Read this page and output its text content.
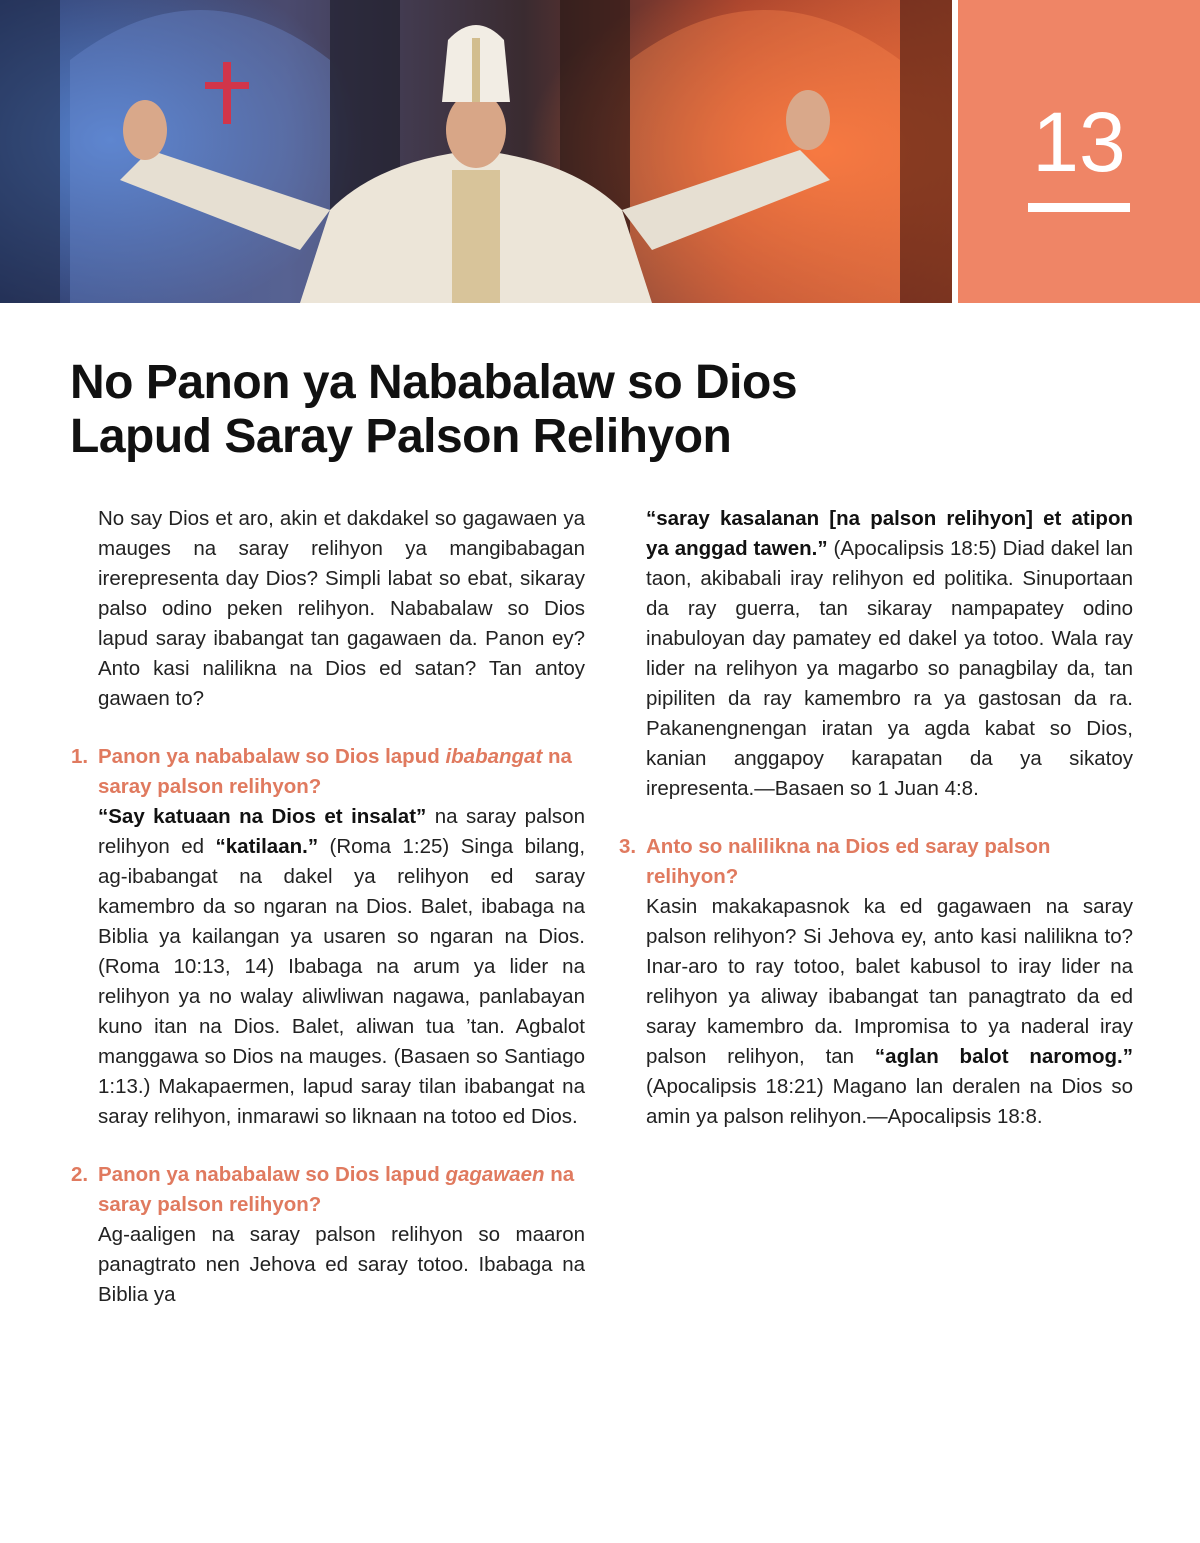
13
No Panon ya Nababalaw so Dios
Lapud Saray Palson Relihyon

No say Dios et aro, akin et dakdakel so gagawaen ya mauges na saray relihyon ya mangibabagan irerepresenta day Dios? Simpli labat so ebat, sikaray palso odino peken relihyon. Nababalaw so Dios lapud saray ibabangat tan gagawaen da. Panon ey? Anto kasi nalilikna na Dios ed satan? Tan antoy gawaen to?

1. Panon ya nababalaw so Dios lapud ibabangat na saray palson relihyon?

“Say katuaan na Dios et insalat” na saray palson relihyon ed “katilaan.” (Roma 1:25) Singa bilang, ag-ibabangat na dakel ya relihyon ed saray kamembro da so ngaran na Dios. Balet, ibabaga na Biblia ya kailangan ya usaren so ngaran na Dios. (Roma 10:13, 14) Ibabaga na arum ya lider na relihyon ya no walay aliwliwan nagawa, panlabayan kuno itan na Dios. Balet, aliwan tua ’tan. Agbalot manggawa so Dios na mauges. (Basaen so Santiago 1:13.) Makapaermen, lapud saray tilan ibabangat na saray relihyon, inmarawi so liknaan na totoo ed Dios.

2. Panon ya nababalaw so Dios lapud gagawaen na saray palson relihyon?

Ag-aaligen na saray palson relihyon so maaron panagtrato nen Jehova ed saray totoo. Ibabaga na Biblia ya

“saray kasalanan [na palson relihyon] et atipon ya anggad tawen.” (Apocalipsis 18:5) Diad dakel lan taon, akibabali iray relihyon ed politika. Sinuportaan da ray guerra, tan sikaray nampapatey odino inabuloyan day pamatey ed dakel ya totoo. Wala ray lider na relihyon ya magarbo so panagbilay da, tan pipiliten da ray kamembro ra ya gastosan da ra. Pakanengnengan iratan ya agda kabat so Dios, kanian anggapoy karapatan da ya sikatoy irepresenta.—Basaen so 1 Juan 4:8.

3. Anto so nalilikna na Dios ed saray palson relihyon?

Kasin makakapasnok ka ed gagawaen na saray palson relihyon? Si Jehova ey, anto kasi nalilikna to? Inar-aro to ray totoo, balet kabusol to iray lider na relihyon ya aliway ibabangat tan panagtrato da ed saray kamembro da. Impromisa to ya naderal iray palson relihyon, tan “aglan balot naromog.” (Apocalipsis 18:21) Magano lan deralen na Dios so amin ya palson relihyon.—Apocalipsis 18:8.
